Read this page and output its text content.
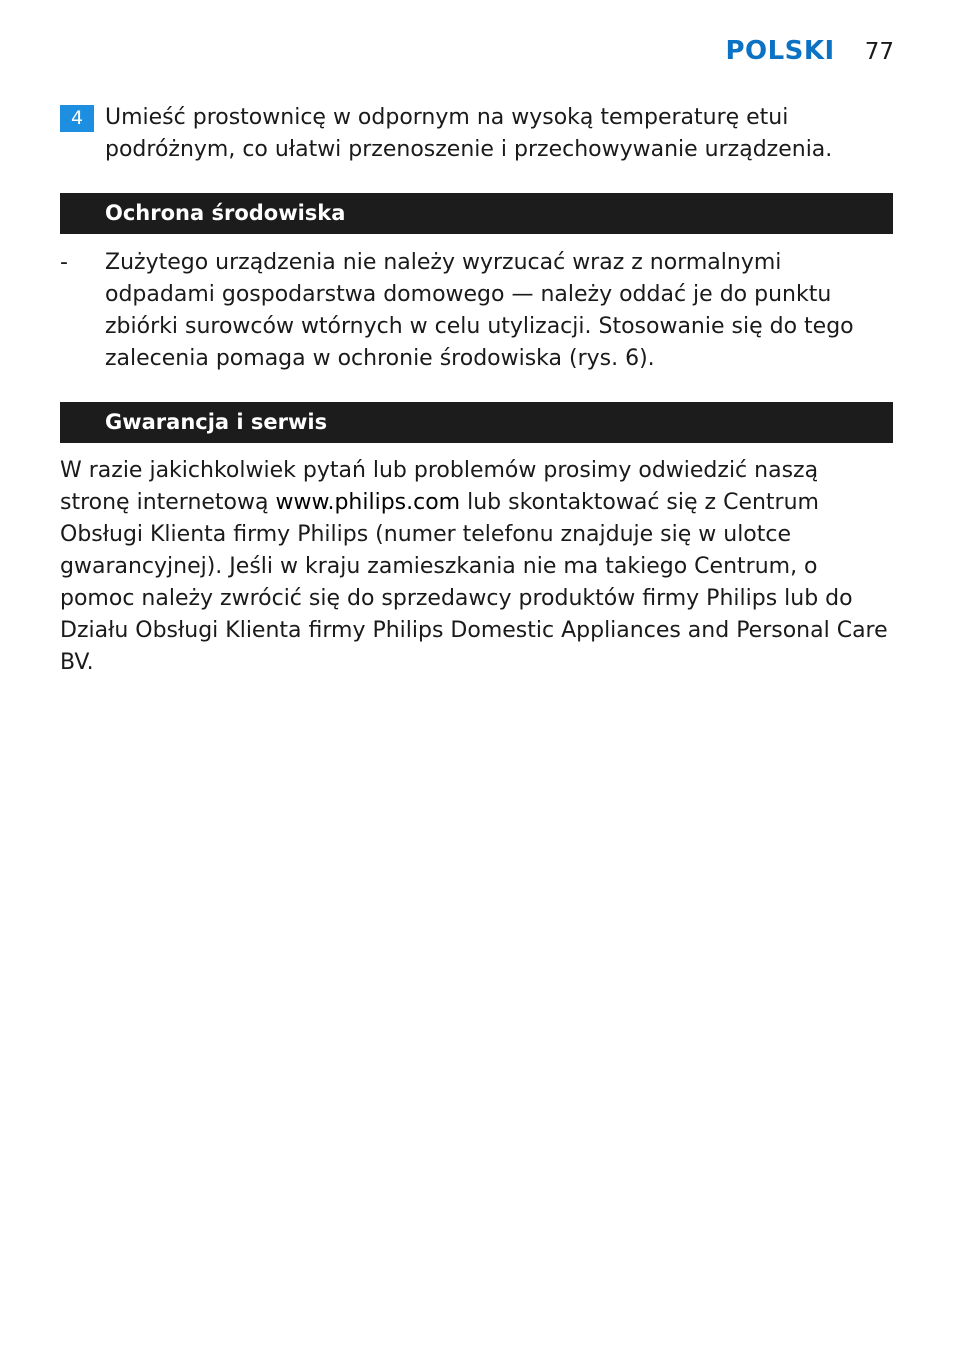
POLSKI 77
4 Umieść prostownicę w odpornym na wysoką temperaturę etui podróżnym, co ułatwi przenoszenie i przechowywanie urządzenia.
Ochrona środowiska
-	Zużytego urządzenia nie należy wyrzucać wraz z normalnymi odpadami gospodarstwa domowego — należy oddać je do punktu zbiórki surowców wtórnych w celu utylizacji. Stosowanie się do tego zalecenia pomaga w ochronie środowiska (rys. 6).
Gwarancja i serwis
W razie jakichkolwiek pytań lub problemów prosimy odwiedzić naszą stronę internetową www.philips.com lub skontaktować się z Centrum Obsługi Klienta firmy Philips (numer telefonu znajduje się w ulotce gwarancyjnej). Jeśli w kraju zamieszkania nie ma takiego Centrum, o pomoc należy zwrócić się do sprzedawcy produktów firmy Philips lub do Działu Obsługi Klienta firmy Philips Domestic Appliances and Personal Care BV.
